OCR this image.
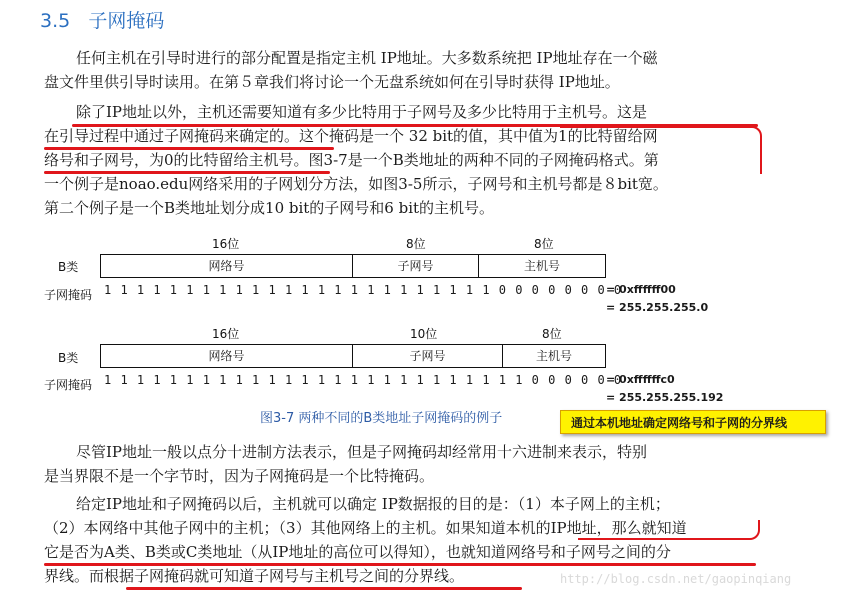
3.5 子网掩码
任何主机在引导时进行的部分配置是指定主机 IP地址。大多数系统把 IP地址存在一个磁
盘文件里供引导时读用。在第５章我们将讨论一个无盘系统如何在引导时获得 IP地址。
除了IP地址以外，主机还需要知道有多少比特用于子网号及多少比特用于主机号。这是
在引导过程中通过子网掩码来确定的。这个掩码是一个 32 bit的值，其中值为1的比特留给网
络号和子网号，为0的比特留给主机号。图3-7是一个B类地址的两种不同的子网掩码格式。第
一个例子是noao.edu网络采用的子网划分方法，如图3-5所示，子网号和主机号都是８bit宽。
第二个例子是一个B类地址划分成10 bit的子网号和6 bit的主机号。
16位	8位	8位
B类	网络号	子网号	主机号
子网掩码 1 1 1 1 1 1 1 1 1 1 1 1 1 1 1 1 1 1 1 1 1 1 1 1 0 0 0 0 0 0 0 0
= 0xffffff00
= 255.255.255.0
16位	10位	8位
B类	网络号	子网号	主机号
子网掩码 1 1 1 1 1 1 1 1 1 1 1 1 1 1 1 1 1 1 1 1 1 1 1 1 1 1 0 0 0 0 0 0
= 0xffffffc0
= 255.255.255.192
图3-7 两种不同的B类地址子网掩码的例子	通过本机地址确定网络号和子网的分界线
尽管IP地址一般以点分十进制方法表示，但是子网掩码却经常用十六进制来表示，特别
是当界限不是一个字节时，因为子网掩码是一个比特掩码。
给定IP地址和子网掩码以后，主机就可以确定 IP数据报的目的是：（1）本子网上的主机；
（2）本网络中其他子网中的主机；（3）其他网络上的主机。如果知道本机的IP地址，那么就知道
它是否为A类、B类或C类地址（从IP地址的高位可以得知），也就知道网络号和子网号之间的分
界线。而根据子网掩码就可知道子网号与主机号之间的分界线。	http://blog.csdn.net/gaopinqiang
